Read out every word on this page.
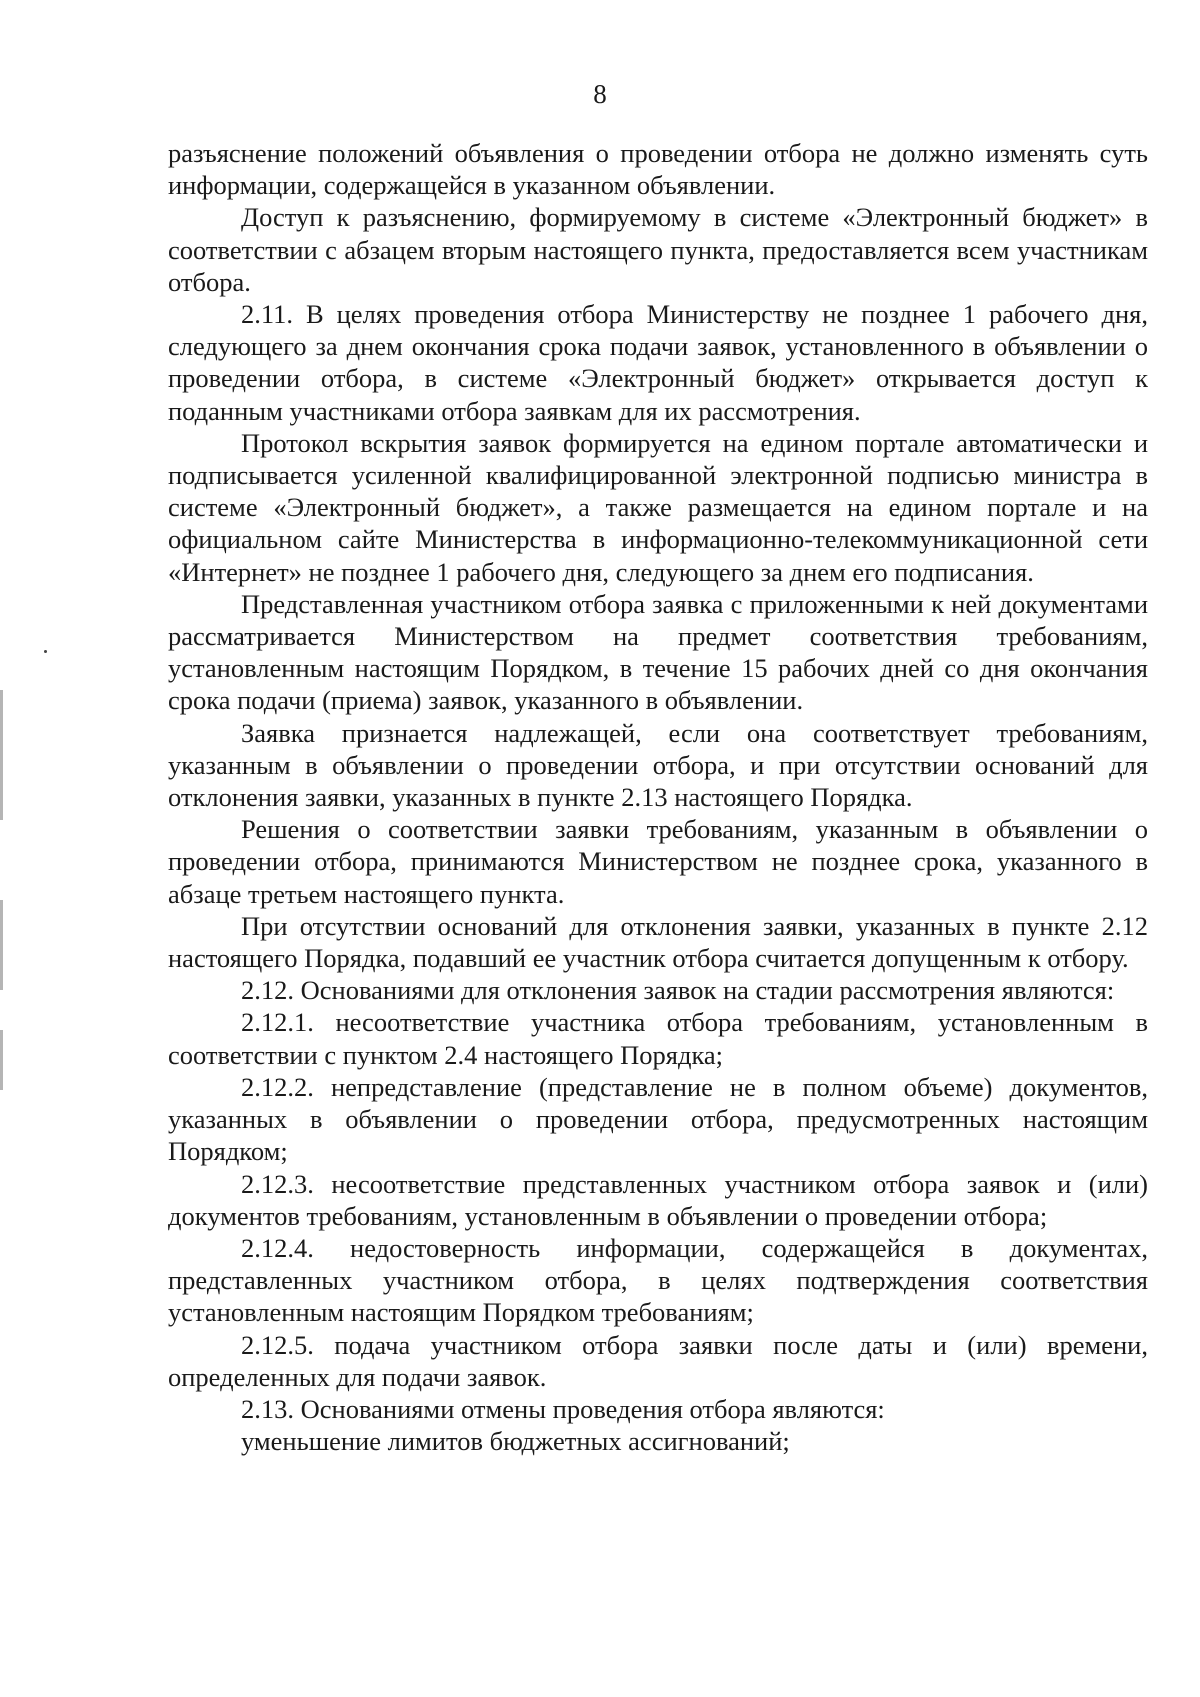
8

разъяснение положений объявления о проведении отбора не должно изменять суть информации, содержащейся в указанном объявлении.

Доступ к разъяснению, формируемому в системе «Электронный бюджет» в соответствии с абзацем вторым настоящего пункта, предоставляется всем участникам отбора.

2.11. В целях проведения отбора Министерству не позднее 1 рабочего дня, следующего за днем окончания срока подачи заявок, установленного в объявлении о проведении отбора, в системе «Электронный бюджет» открывается доступ к поданным участниками отбора заявкам для их рассмотрения.

Протокол вскрытия заявок формируется на едином портале автоматически и подписывается усиленной квалифицированной электронной подписью министра в системе «Электронный бюджет», а также размещается на едином портале и на официальном сайте Министерства в информационно-телекоммуникационной сети «Интернет» не позднее 1 рабочего дня, следующего за днем его подписания.

Представленная участником отбора заявка с приложенными к ней документами рассматривается Министерством на предмет соответствия требованиям, установленным настоящим Порядком, в течение 15 рабочих дней со дня окончания срока подачи (приема) заявок, указанного в объявлении.

Заявка признается надлежащей, если она соответствует требованиям, указанным в объявлении о проведении отбора, и при отсутствии оснований для отклонения заявки, указанных в пункте 2.13 настоящего Порядка.

Решения о соответствии заявки требованиям, указанным в объявлении о проведении отбора, принимаются Министерством не позднее срока, указанного в абзаце третьем настоящего пункта.

При отсутствии оснований для отклонения заявки, указанных в пункте 2.12 настоящего Порядка, подавший ее участник отбора считается допущенным к отбору.

2.12. Основаниями для отклонения заявок на стадии рассмотрения являются:

2.12.1. несоответствие участника отбора требованиям, установленным в соответствии с пунктом 2.4 настоящего Порядка;

2.12.2. непредставление (представление не в полном объеме) документов, указанных в объявлении о проведении отбора, предусмотренных настоящим Порядком;

2.12.3. несоответствие представленных участником отбора заявок и (или) документов требованиям, установленным в объявлении о проведении отбора;

2.12.4. недостоверность информации, содержащейся в документах, представленных участником отбора, в целях подтверждения соответствия установленным настоящим Порядком требованиям;

2.12.5. подача участником отбора заявки после даты и (или) времени, определенных для подачи заявок.

2.13. Основаниями отмены проведения отбора являются:

уменьшение лимитов бюджетных ассигнований;
